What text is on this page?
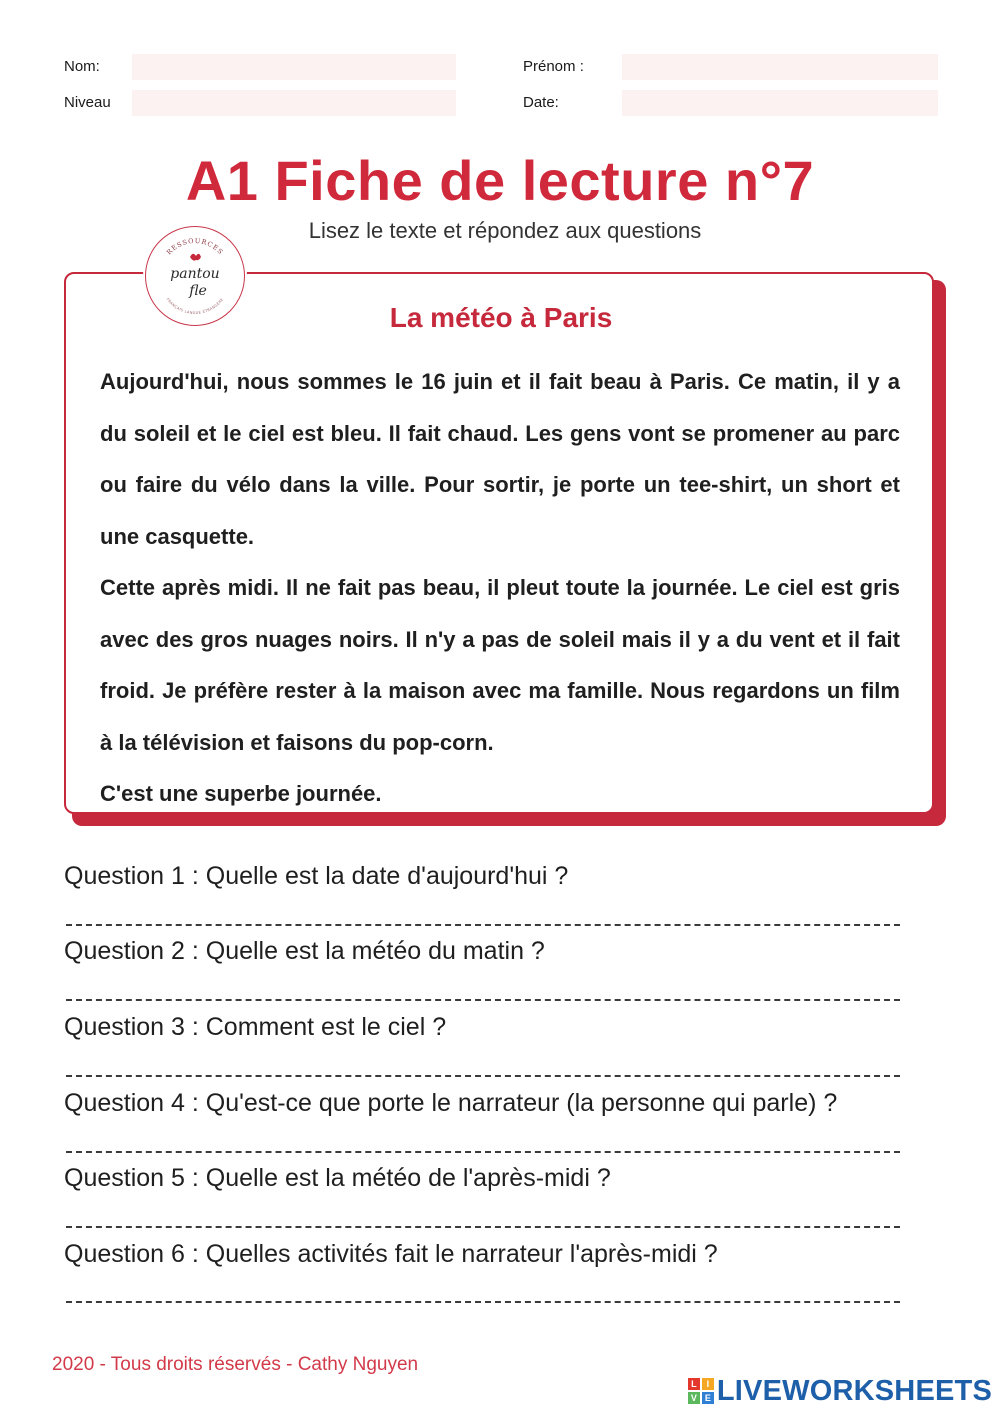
Nom:	Prénom :
Niveau	Date:
A1 Fiche de lecture n°7
Lisez le texte et répondez aux questions
La météo à Paris

Aujourd'hui, nous sommes le 16 juin et il fait beau à Paris. Ce matin, il y a du soleil et le ciel est bleu. Il fait chaud. Les gens vont se promener au parc ou faire du vélo dans la ville. Pour sortir, je porte un tee-shirt, un short et une casquette.

Cette après midi. Il ne fait pas beau, il pleut toute la journée. Le ciel est gris avec des gros nuages noirs. Il n'y a pas de soleil mais il y a du vent et il fait froid. Je préfère rester à la maison avec ma famille. Nous regardons un film à la télévision et faisons du pop-corn.

C'est une superbe journée.

RESSOURCES
FRANÇAIS LANGUE ÉTRANGÈRE
pantou
fle
Question 1 : Quelle est la date d'aujourd'hui ?
Question 2 : Quelle est la météo du matin ?
Question 3 : Comment est le ciel ?
Question 4 : Qu'est-ce que porte le narrateur (la personne qui parle) ?
Question 5 : Quelle est la météo de l'après-midi ?
Question 6 : Quelles activités fait le narrateur l'après-midi ?
2020 - Tous droits réservés - Cathy Nguyen
L	I
V E LIVEWORKSHEETS
